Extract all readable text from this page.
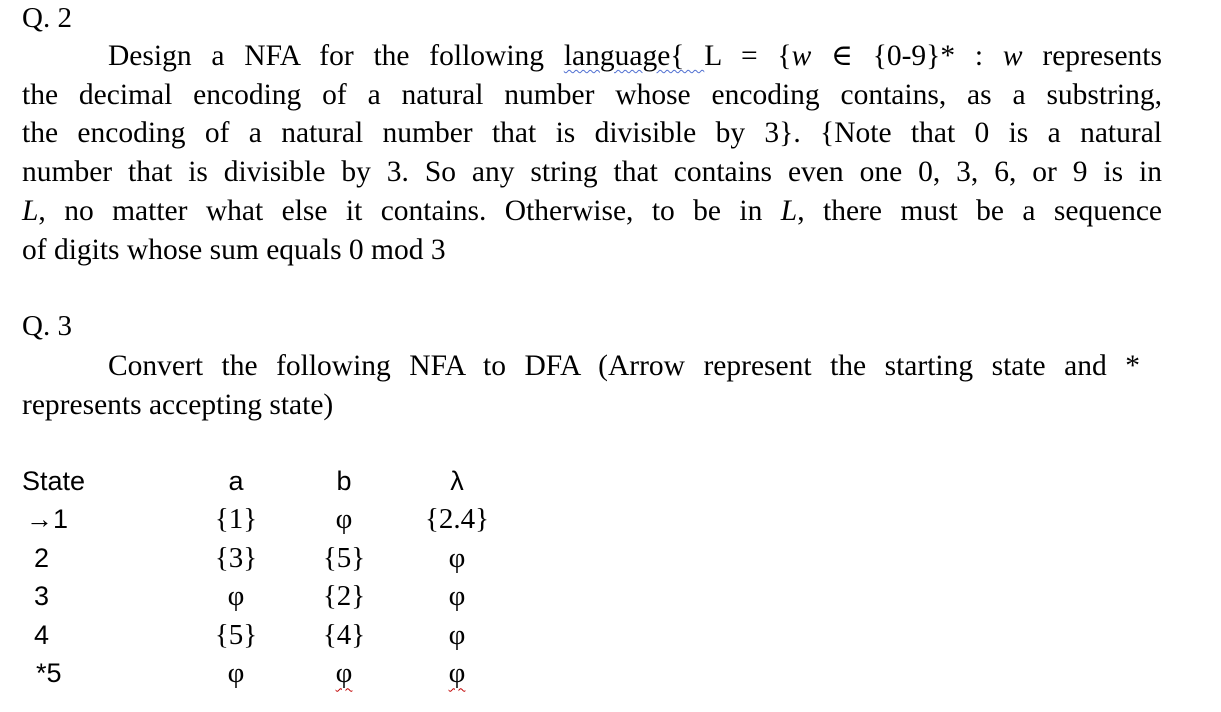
Q. 2
Design a NFA for the following language{ L = {w ∈ {0-9}* : w represents
the decimal encoding of a natural number whose encoding contains, as a substring,
the encoding of a natural number that is divisible by 3}. {Note that 0 is a natural
number that is divisible by 3. So any string that contains even one 0, 3, 6, or 9 is in
L, no matter what else it contains. Otherwise, to be in L, there must be a sequence
of digits whose sum equals 0 mod 3
Q. 3
Convert the following NFA to DFA (Arrow represent the starting state and *
represents accepting state)
State	a	b	λ
→1	{1}	φ	{2.4}
2	{3}	{5}	φ
3	φ	{2}	φ
4	{5}	{4}	φ
*5	φ	φ	φ
